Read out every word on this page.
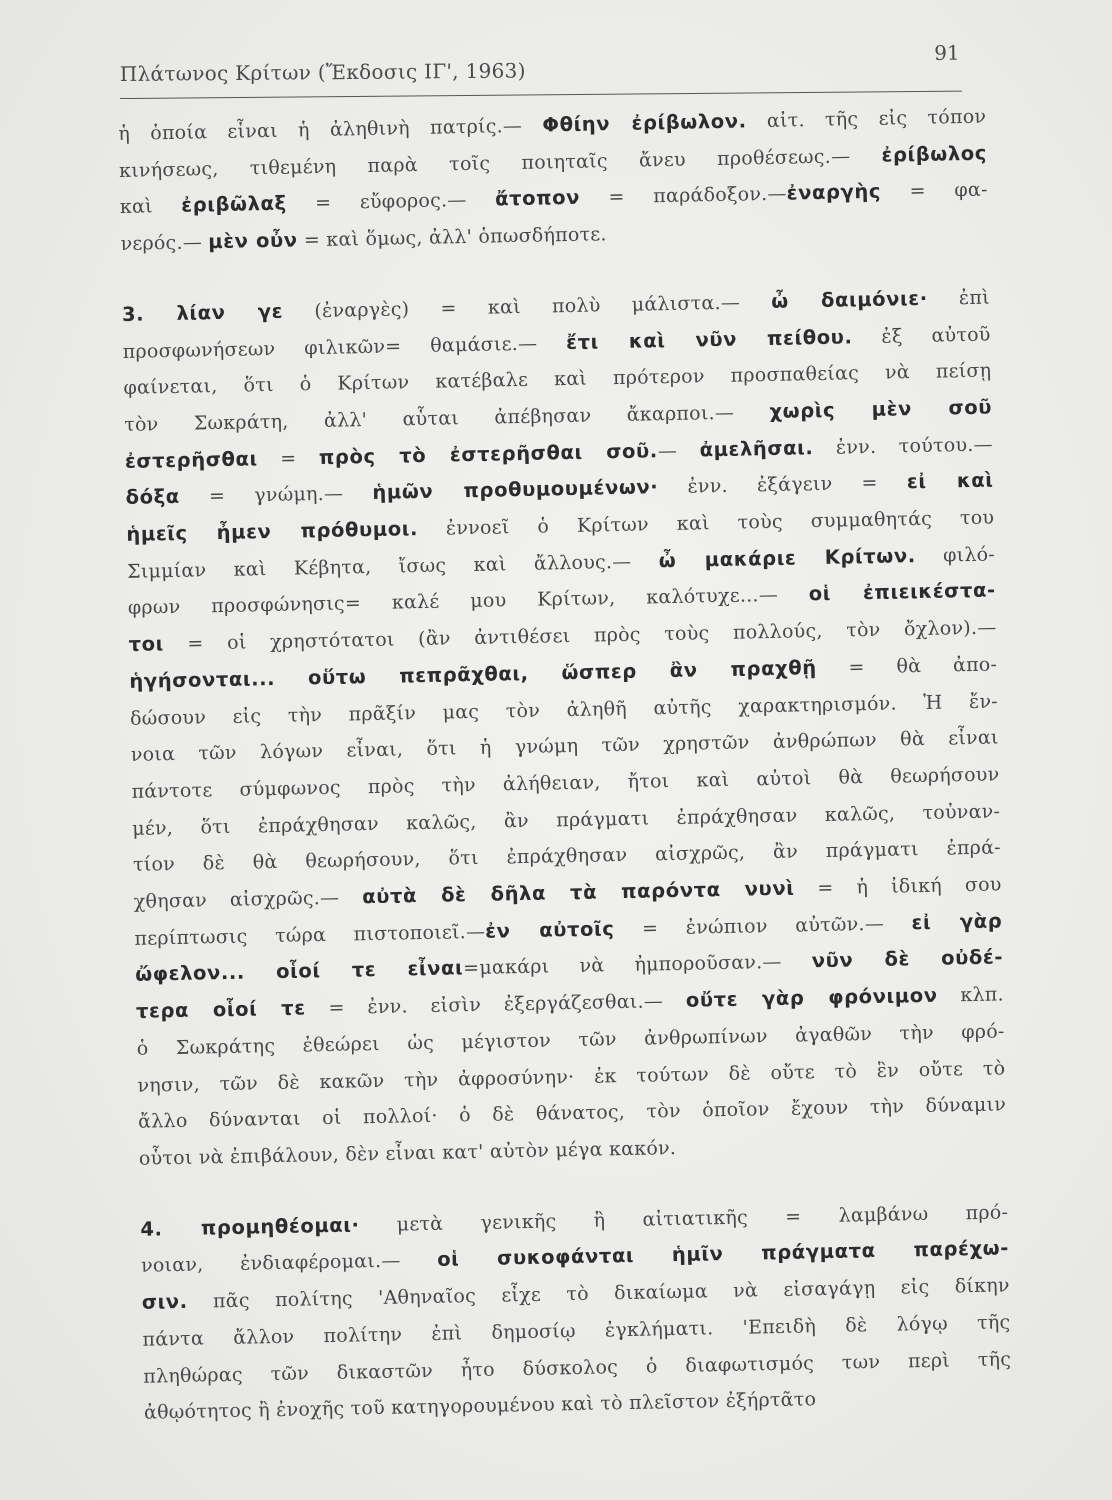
Πλάτωνος Κρίτων (Ἔκδοσις ΙΓ', 1963)
91

ἡ ὁποία εἶναι ἡ ἀληθινὴ πατρίς.— Φθίην ἐρίβωλον. αἰτ. τῆς εἰς τόπον
κινήσεως, τιθεμένη παρὰ τοῖς ποιηταῖς ἄνευ προθέσεως.— ἐρίβωλος
καὶ ἐριβῶλαξ = εὔφορος.— ἄτοπον = παράδοξον.—ἐναργὴς = φα-
νερός.— μὲν οὖν = καὶ ὅμως, ἀλλ' ὁπωσδήποτε.

3. λίαν γε (ἐναργὲς) = καὶ πολὺ μάλιστα.— ὦ δαιμόνιε· ἐπὶ
προσφωνήσεων φιλικῶν= θαμάσιε.— ἔτι καὶ νῦν πείθου. ἐξ αὐτοῦ
φαίνεται, ὅτι ὁ Κρίτων κατέβαλε καὶ πρότερον προσπαθείας νὰ πείσῃ
τὸν Σωκράτη, ἀλλ' αὗται ἀπέβησαν ἄκαρποι.— χωρὶς μὲν σοῦ
ἐστερῆσθαι = πρὸς τὸ ἐστερῆσθαι σοῦ.— ἀμελῆσαι. ἐνν. τούτου.—
δόξα = γνώμη.— ἡμῶν προθυμουμένων· ἐνν. ἐξάγειν = εἰ καὶ
ἡμεῖς ἦμεν πρόθυμοι. ἐννοεῖ ὁ Κρίτων καὶ τοὺς συμμαθητάς του
Σιμμίαν καὶ Κέβητα, ἴσως καὶ ἄλλους.— ὦ μακάριε Κρίτων. φιλό-
φρων προσφώνησις= καλέ μου Κρίτων, καλότυχε...— οἱ ἐπιεικέστα-
τοι = οἱ χρηστότατοι (ἂν ἀντιθέσει πρὸς τοὺς πολλούς, τὸν ὄχλον).—
ἡγήσονται... οὕτω πεπρᾶχθαι, ὥσπερ ἂν πραχθῇ = θὰ ἀπο-
δώσουν εἰς τὴν πρᾶξίν μας τὸν ἀληθῆ αὐτῆς χαρακτηρισμόν. Ἡ ἔν-
νοια τῶν λόγων εἶναι, ὅτι ἡ γνώμη τῶν χρηστῶν ἀνθρώπων θὰ εἶναι
πάντοτε σύμφωνος πρὸς τὴν ἀλήθειαν, ἤτοι καὶ αὐτοὶ θὰ θεωρήσουν
μέν, ὅτι ἐπράχθησαν καλῶς, ἂν πράγματι ἐπράχθησαν καλῶς, τοὐναν-
τίον δὲ θὰ θεωρήσουν, ὅτι ἐπράχθησαν αἰσχρῶς, ἂν πράγματι ἐπρά-
χθησαν αἰσχρῶς.— αὐτὰ δὲ δῆλα τὰ παρόντα νυνὶ = ἡ ἰδική σου
περίπτωσις τώρα πιστοποιεῖ.—ἐν αὐτοῖς = ἐνώπιον αὐτῶν.— εἰ γὰρ
ὤφελον... οἷοί τε εἶναι=μακάρι νὰ ἠμποροῦσαν.— νῦν δὲ οὐδέ-
τερα οἷοί τε = ἐνν. εἰσὶν ἐξεργάζεσθαι.— οὔτε γὰρ φρόνιμον κλπ.
ὁ Σωκράτης ἐθεώρει ὡς μέγιστον τῶν ἀνθρωπίνων ἀγαθῶν τὴν φρό-
νησιν, τῶν δὲ κακῶν τὴν ἀφροσύνην· ἐκ τούτων δὲ οὔτε τὸ ἓν οὔτε τὸ
ἄλλο δύνανται οἱ πολλοί· ὁ δὲ θάνατος, τὸν ὁποῖον ἔχουν τὴν δύναμιν
οὗτοι νὰ ἐπιβάλουν, δὲν εἶναι κατ' αὐτὸν μέγα κακόν.

4. προμηθέομαι· μετὰ γενικῆς ἢ αἰτιατικῆς = λαμβάνω πρό-
νοιαν, ἐνδιαφέρομαι.— οἱ συκοφάνται ἡμῖν πράγματα παρέχω-
σιν. πᾶς πολίτης 'Αθηναῖος εἶχε τὸ δικαίωμα νὰ εἰσαγάγῃ εἰς δίκην
πάντα ἄλλον πολίτην ἐπὶ δημοσίῳ ἐγκλήματι. 'Επειδὴ δὲ λόγῳ τῆς
πληθώρας τῶν δικαστῶν ἦτο δύσκολος ὁ διαφωτισμός των περὶ τῆς
ἀθῳότητος ἢ ἐνοχῆς τοῦ κατηγορουμένου καὶ τὸ πλεῖστον ἐξήρτᾶτο
